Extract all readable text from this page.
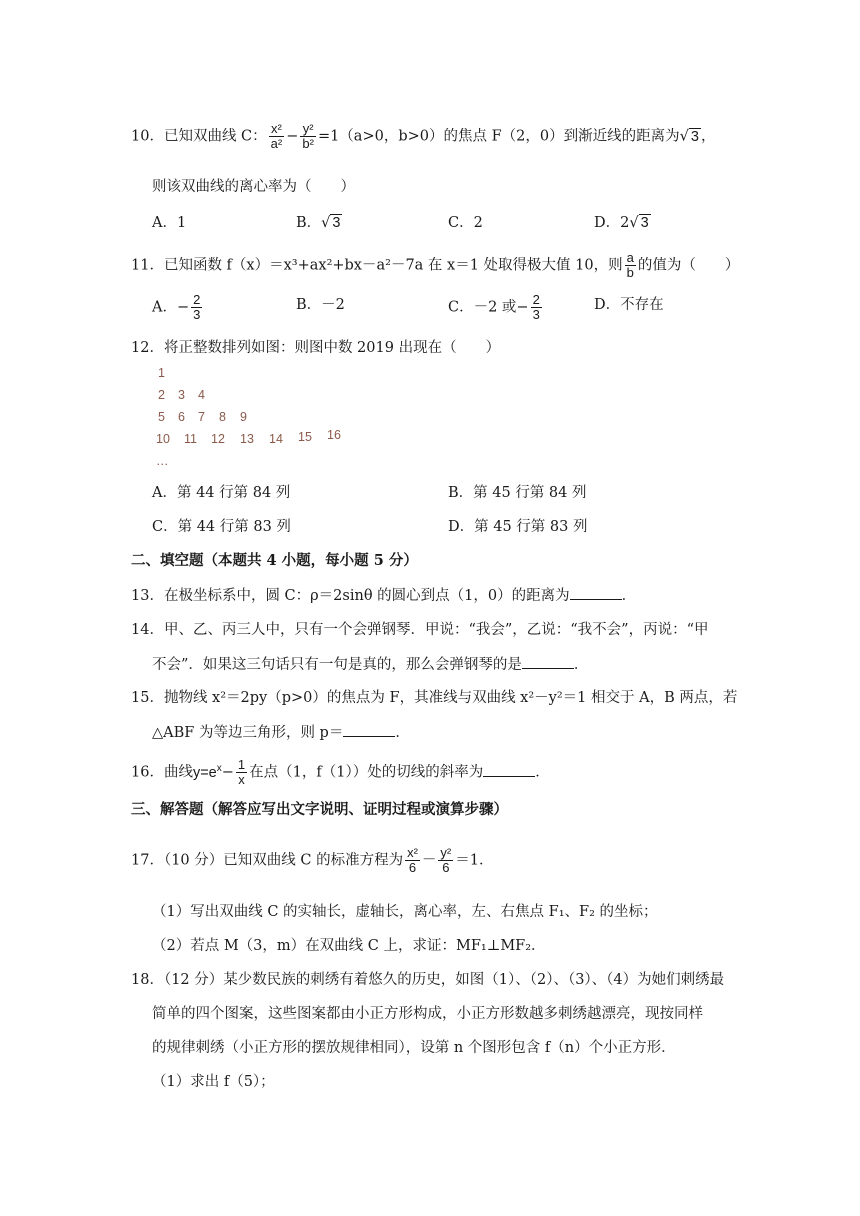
10．已知双曲线 C： $\frac{\text{x²}}{\text{a²}} - \frac{\text{y²}}{\text{b²}} =1(a>0$，b>0）的焦点 F（2，0）到渐近线的距离为√ 3 ，
则该双曲线的离心率为（　　）
A．1	B．√ 3	C．2	D．2√ 3
11．已知函数 f（x）＝x³+ax²+bx－a²－7a 在 x＝1 处取得极大值 10，则 $\frac{a}{b}$ 的值为（　　）
A．− $\frac{2}{3}$	B．－2	C．－2 或− $\frac{2}{3}$	D．不存在
12．将正整数排列如图：则图中数 2019 出现在（　　）
1
2 3 4
5 6 7 8 9
10 11 12 13 14 15 16
…
A．第 44 行第 84 列	B．第 45 行第 84 列
C．第 44 行第 83 列	D．第 45 行第 83 列
二、填空题（本题共 4 小题，每小题 5 分）
13．在极坐标系中，圆 C：ρ＝2sinθ 的圆心到点（1，0）的距离为	．
14．甲、乙、丙三人中，只有一个会弹钢琴．甲说：“我会”，乙说：“我不会”，丙说：“甲
不会”．如果这三句话只有一句是真的，那么会弹钢琴的是	．
15．抛物线 x²＝2py（p>0）的焦点为 F，其准线与双曲线 x²－y²＝1 相交于 A，B 两点，若
△ABF 为等边三角形，则 p＝	．
16．曲线$y=e^x- \frac{1}{x}$ 在点（1，f（1））处的切线的斜率为	．
三、解答题（解答应写出文字说明、证明过程或演算步骤）
17．（10 分）已知双曲线 C 的标准方程为 $\frac{\text{x²}}{6} - \frac{\text{y²}}{6} =1$．
（1）写出双曲线 C 的实轴长，虚轴长，离心率，左、右焦点 F₁、F₂ 的坐标；
（2）若点 M（3，m）在双曲线 C 上，求证：MF₁⊥MF₂．
18．（12 分）某少数民族的刺绣有着悠久的历史，如图（1）、（2）、（3）、（4）为她们刺绣最
简单的四个图案，这些图案都由小正方形构成，小正方形数越多刺绣越漂亮，现按同样
的规律刺绣（小正方形的摆放规律相同），设第 n 个图形包含 f（n）个小正方形．
（1）求出 f（5）；
